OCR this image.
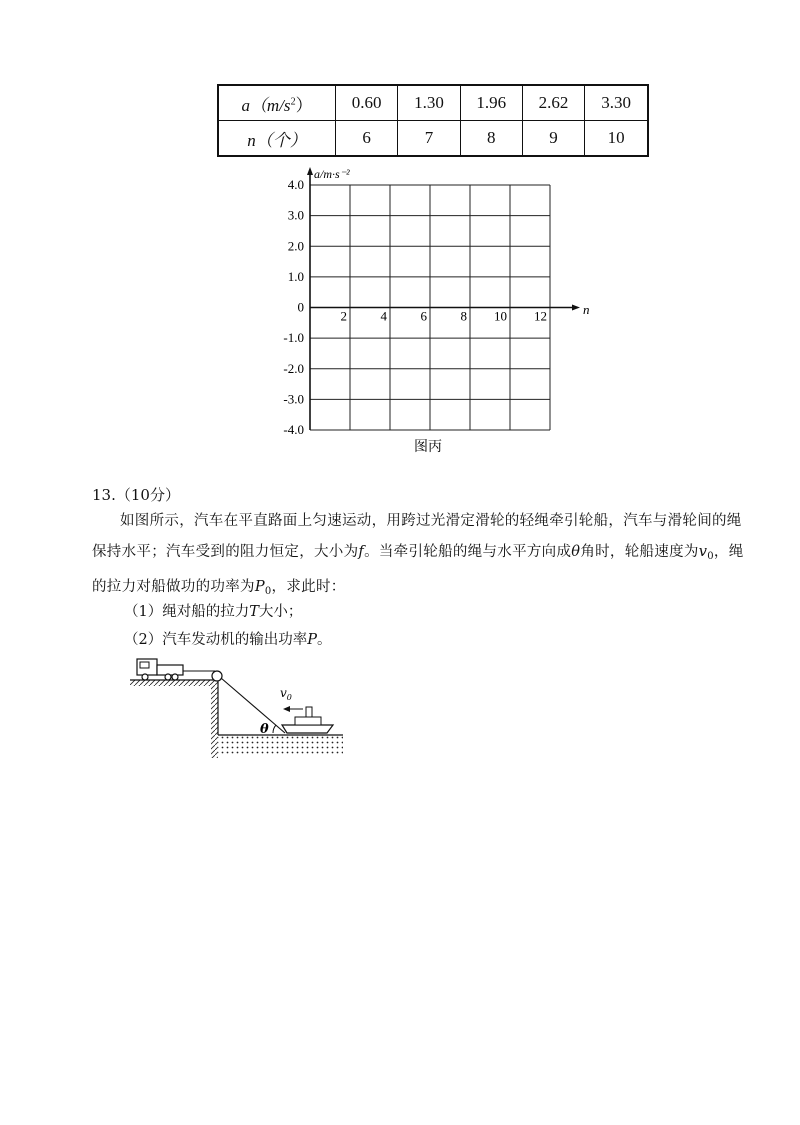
$a(m/s^2)$	0.60	1.30	1.96	2.62	3.30
n（个）	6	7	8	9	10
a/m·s⁻²
n
4.0
3.0
2.0
1.0
0
-1.0
-2.0
-3.0
-4.0
2	4	6	8 10 12
图丙
13.（10分）
如图所示，汽车在平直路面上匀速运动，用跨过光滑定滑轮的轻绳牵引轮船，汽车与滑轮间的绳保持水平；汽车受到的阻力恒定，大小为f。当牵引轮船的绳与水平方向成θ角时，轮船速度为$v_0$，绳的拉力对船做功的功率为$P_0$，求此时：
（1）绳对船的拉力T大小；
（2）汽车发动机的输出功率P。
$v_0$
θ
